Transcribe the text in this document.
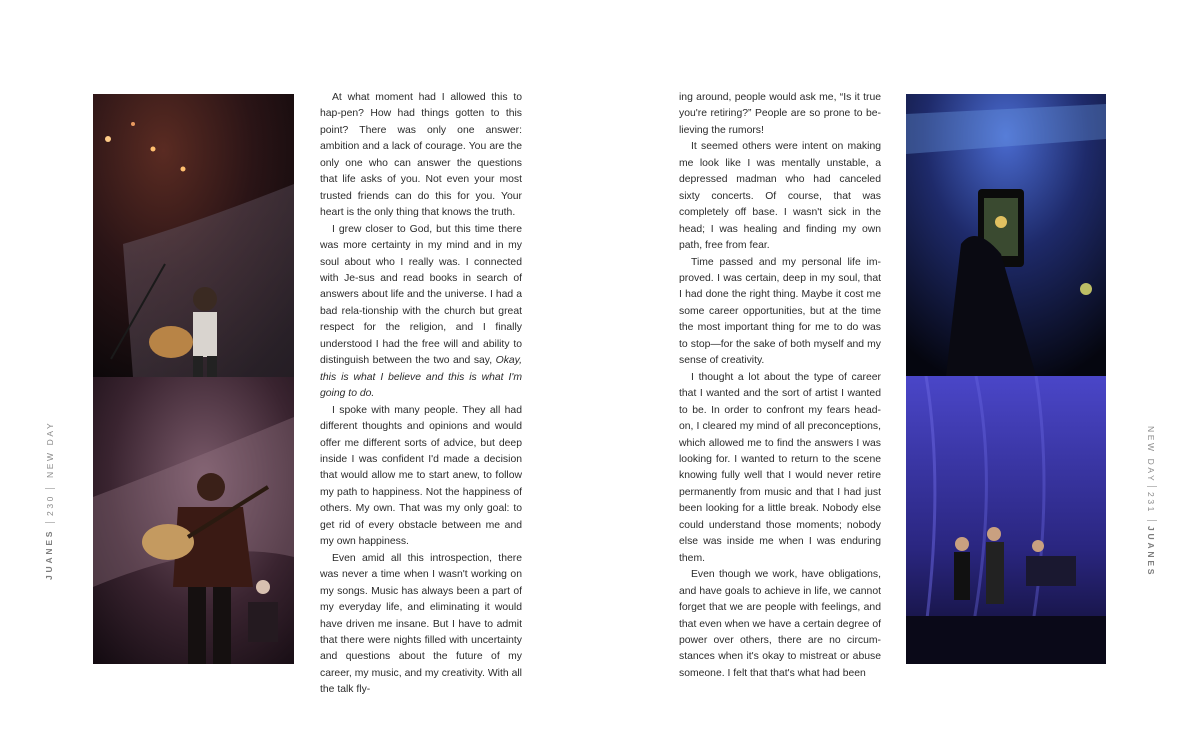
At what moment had I allowed this to hap-pen? How had things gotten to this point? There was only one answer: ambition and a lack of courage. You are the only one who can answer the questions that life asks of you. Not even your most trusted friends can do this for you. Your heart is the only thing that knows the truth.

I grew closer to God, but this time there was more certainty in my mind and in my soul about who I really was. I connected with Je-sus and read books in search of answers about life and the universe. I had a bad rela-tionship with the church but great respect for the religion, and I finally understood I had the free will and ability to distinguish between the two and say, Okay, this is what I believe and this is what I'm going to do.

I spoke with many people. They all had different thoughts and opinions and would offer me different sorts of advice, but deep inside I was confident I'd made a decision that would allow me to start anew, to follow my path to happiness. Not the happiness of others. My own. That was my only goal: to get rid of every obstacle between me and my own happiness.

Even amid all this introspection, there was never a time when I wasn't working on my songs. Music has always been a part of my everyday life, and eliminating it would have driven me insane. But I have to admit that there were nights filled with uncertainty and questions about the future of my career, my music, and my creativity. With all the talk fly-

ing around, people would ask me, “Is it true you're retiring?” People are so prone to be-lieving the rumors!

It seemed others were intent on making me look like I was mentally unstable, a depressed madman who had canceled sixty concerts. Of course, that was completely off base. I wasn't sick in the head; I was healing and finding my own path, free from fear.

Time passed and my personal life im-proved. I was certain, deep in my soul, that I had done the right thing. Maybe it cost me some career opportunities, but at the time the most important thing for me to do was to stop—for the sake of both myself and my sense of creativity.

I thought a lot about the type of career that I wanted and the sort of artist I wanted to be. In order to confront my fears head-on, I cleared my mind of all preconceptions, which allowed me to find the answers I was looking for. I wanted to return to the scene knowing fully well that I would never retire permanently from music and that I had just been looking for a little break. Nobody else could understand those moments; nobody else was inside me when I was enduring them.

Even though we work, have obligations, and have goals to achieve in life, we cannot forget that we are people with feelings, and that even when we have a certain degree of power over others, there are no circum-stances when it's okay to mistreat or abuse someone. I felt that that's what had been

JUANES
230
NEW DAY	NEW DAY
231
JUANES
